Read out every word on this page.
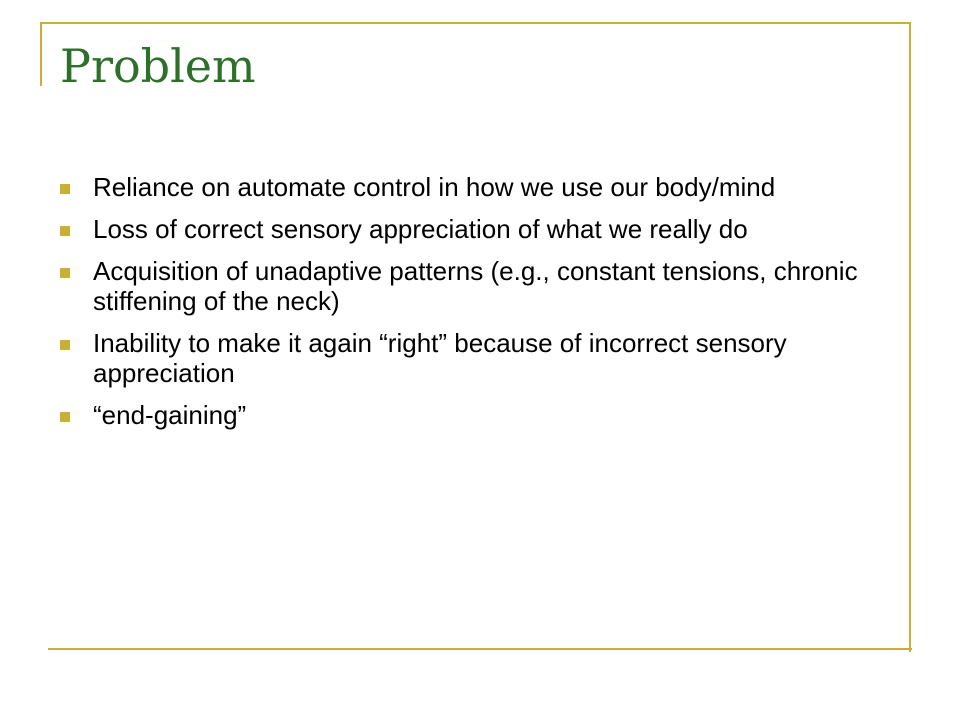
Problem
Reliance on automate control in how we use our body/mind
Loss of correct sensory appreciation of what we really do
Acquisition of unadaptive patterns (e.g., constant tensions, chronic stiffening of the neck)
Inability to make it again “right” because of incorrect sensory appreciation
“end-gaining”
